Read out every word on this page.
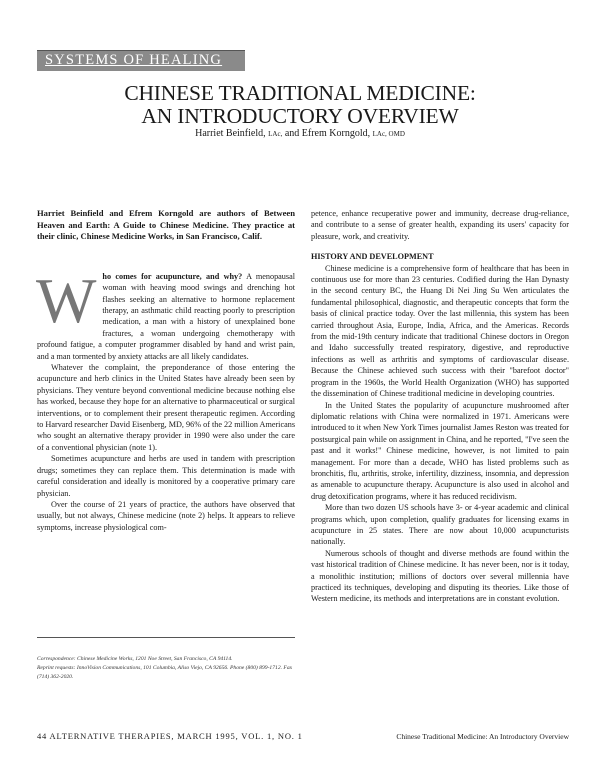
SYSTEMS OF HEALING
CHINESE TRADITIONAL MEDICINE:
AN INTRODUCTORY OVERVIEW
Harriet Beinfield, LAc, and Efrem Korngold, LAc, OMD

Harriet Beinfield and Efrem Korngold are authors of Between Heaven and Earth: A Guide to Chinese Medicine. They practice at their clinic, Chinese Medicine Works, in San Francisco, Calif.

Who comes for acupuncture, and why? A menopausal woman with heaving mood swings and drenching hot flashes seeking an alternative to hormone replacement therapy, an asthmatic child reacting poorly to prescription medication, a man with a history of unexplained bone fractures, a woman undergoing chemotherapy with profound fatigue, a computer programmer disabled by hand and wrist pain, and a man tormented by anxiety attacks are all likely candidates.

Whatever the complaint, the preponderance of those entering the acupuncture and herb clinics in the United States have already been seen by physicians. They venture beyond conventional medicine because nothing else has worked, because they hope for an alternative to pharmaceutical or surgical interventions, or to complement their present therapeutic regimen. According to Harvard researcher David Eisenberg, MD, 96% of the 22 million Americans who sought an alternative therapy provider in 1990 were also under the care of a conventional physician (note 1).

Sometimes acupuncture and herbs are used in tandem with prescription drugs; sometimes they can replace them. This determination is made with careful consideration and ideally is monitored by a cooperative primary care physician.

Over the course of 21 years of practice, the authors have observed that usually, but not always, Chinese medicine (note 2) helps. It appears to relieve symptoms, increase physiological com-

Correspondence: Chinese Medicine Works, 1201 Noe Street, San Francisco, CA 94114.

Reprint requests: InnoVision Communications, 101 Columbia, Aliso Viejo, CA 92656. Phone (800) 899-1712. Fax (714) 362-2020.

petence, enhance recuperative power and immunity, decrease drug-reliance, and contribute to a sense of greater health, expanding its users' capacity for pleasure, work, and creativity.

HISTORY AND DEVELOPMENT

Chinese medicine is a comprehensive form of healthcare that has been in continuous use for more than 23 centuries. Codified during the Han Dynasty in the second century BC, the Huang Di Nei Jing Su Wen articulates the fundamental philosophical, diagnostic, and therapeutic concepts that form the basis of clinical practice today. Over the last millennia, this system has been carried throughout Asia, Europe, India, Africa, and the Americas. Records from the mid-19th century indicate that traditional Chinese doctors in Oregon and Idaho successfully treated respiratory, digestive, and reproductive infections as well as arthritis and symptoms of cardiovascular disease. Because the Chinese achieved such success with their "barefoot doctor" program in the 1960s, the World Health Organization (WHO) has supported the dissemination of Chinese traditional medicine in developing countries.

In the United States the popularity of acupuncture mushroomed after diplomatic relations with China were normalized in 1971. Americans were introduced to it when New York Times journalist James Reston was treated for postsurgical pain while on assignment in China, and he reported, "I've seen the past and it works!" Chinese medicine, however, is not limited to pain management. For more than a decade, WHO has listed problems such as bronchitis, flu, arthritis, stroke, infertility, dizziness, insomnia, and depression as amenable to acupuncture therapy. Acupuncture is also used in alcohol and drug detoxification programs, where it has reduced recidivism.

More than two dozen US schools have 3- or 4-year academic and clinical programs which, upon completion, qualify graduates for licensing exams in acupuncture in 25 states. There are now about 10,000 acupuncturists nationally.

Numerous schools of thought and diverse methods are found within the vast historical tradition of Chinese medicine. It has never been, nor is it today, a monolithic institution; millions of doctors over several millennia have practiced its techniques, developing and disputing its theories. Like those of Western medicine, its methods and interpretations are in constant evolution.

44 ALTERNATIVE THERAPIES, MARCH 1995, VOL. 1, NO. 1	Chinese Traditional Medicine: An Introductory Overview
